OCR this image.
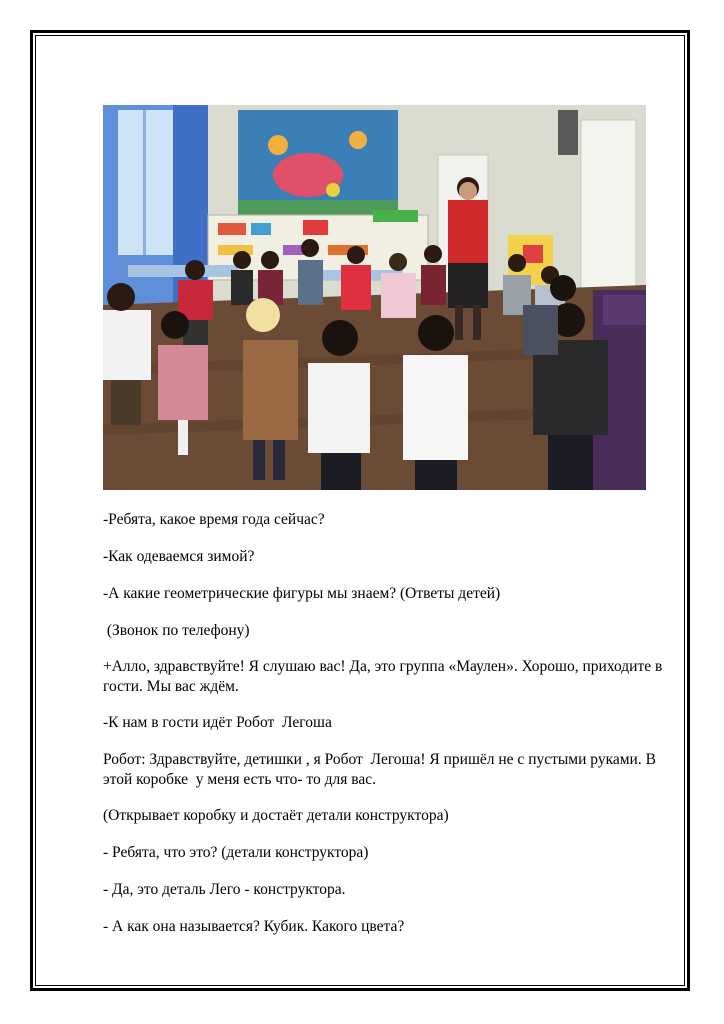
-Ребята, какое время года сейчас?
-Как одеваемся зимой?
-А какие геометрические фигуры мы знаем? (Ответы детей)
(Звонок по телефону)
+Алло, здравствуйте! Я слушаю вас! Да, это группа «Маулен». Хорошо, приходите в гости. Мы вас ждём.
-К нам в гости идёт Робот  Легоша
Робот: Здравствуйте, детишки , я Робот  Легоша! Я пришёл не с пустыми руками. В этой коробке  у меня есть что- то для вас.
(Открывает коробку и достаёт детали конструктора)
- Ребята, что это? (детали конструктора)
- Да, это деталь Лего - конструктора.
- А как она называется? Кубик. Какого цвета?
